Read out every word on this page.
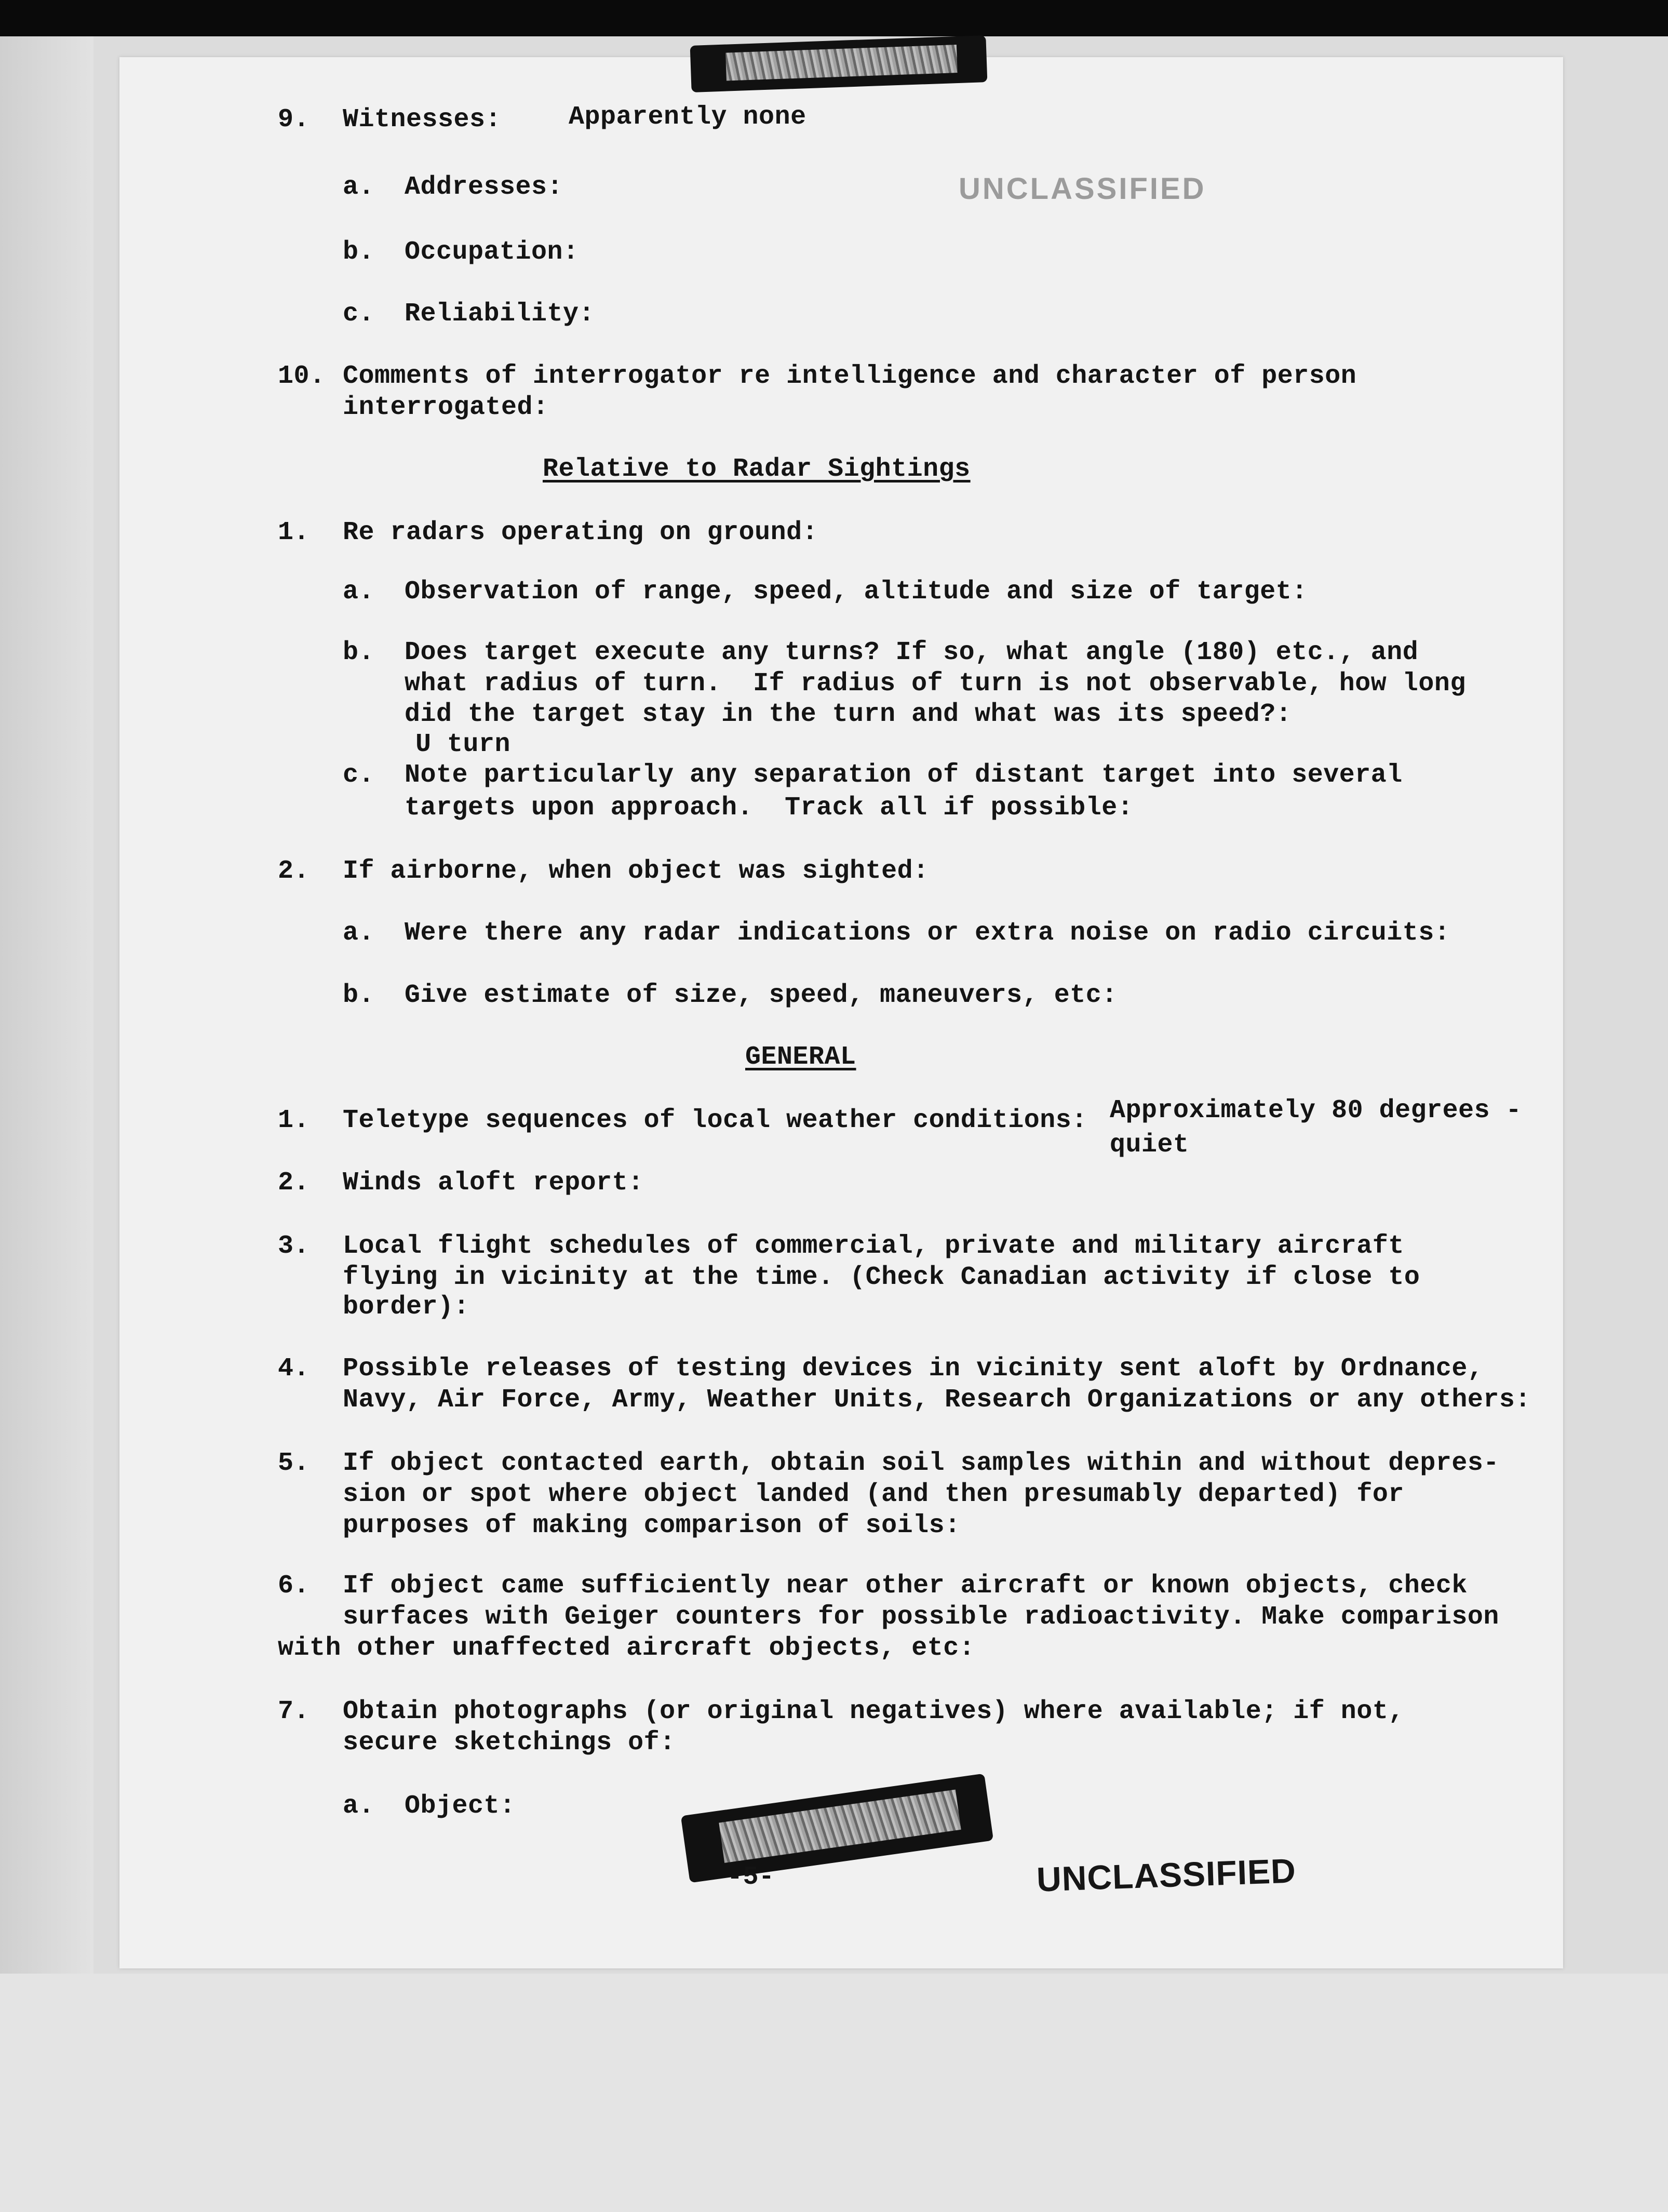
UNCLASSIFIED
9. Witnesses:	Apparently none
a. Addresses:
b. Occupation:
c. Reliability:
10. Comments of interrogator re intelligence and character of person
interrogated:
Relative to Radar Sightings
1. Re radars operating on ground:
a. Observation of range, speed, altitude and size of target:
b. Does target execute any turns? If so, what angle (180) etc., and
what radius of turn.  If radius of turn is not observable, how long
did the target stay in the turn and what was its speed?:
U turn
c. Note particularly any separation of distant target into several
targets upon approach.  Track all if possible:
2. If airborne, when object was sighted:
a. Were there any radar indications or extra noise on radio circuits:
b. Give estimate of size, speed, maneuvers, etc:
GENERAL
1. Teletype sequences of local weather conditions: Approximately 80 degrees -
quiet
2. Winds aloft report:
3. Local flight schedules of commercial, private and military aircraft
flying in vicinity at the time. (Check Canadian activity if close to
border):
4. Possible releases of testing devices in vicinity sent aloft by Ordnance,
Navy, Air Force, Army, Weather Units, Research Organizations or any others:
5. If object contacted earth, obtain soil samples within and without depres-
sion or spot where object landed (and then presumably departed) for
purposes of making comparison of soils:
6. If object came sufficiently near other aircraft or known objects, check
surfaces with Geiger counters for possible radioactivity. Make comparison
with other unaffected aircraft objects, etc:
7. Obtain photographs (or original negatives) where available; if not,
secure sketchings of:
a. Object:
-5-	UNCLASSIFIED
